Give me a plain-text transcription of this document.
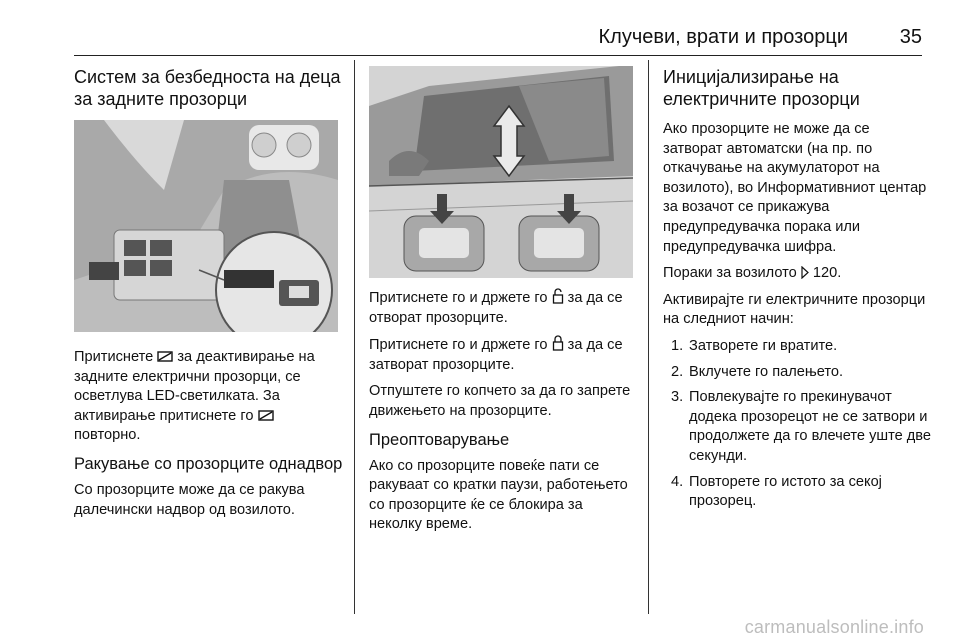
Клучеви, врати и прозорци	35
Систем за безбедноста на деца за задните прозорци

Притиснете за деактивирање на задните електрични прозорци, се осветлува LED-светилката. За активирање притиснете го  повторно.

Ракување со прозорците однадвор

Со прозорците може да се ракува далечински надвор од возилото.

Притиснете го и држете го за да се отворат прозорците.

Притиснете го и држете го за да се затворат прозорците.

Отпуштете го копчето за да го запрете движењето на прозорците.

Преоптоварување

Ако со прозорците повеќе пати се ракуваат со кратки паузи, работењето со прозорците ќе се блокира за неколку време.

Иницијализирање на електричните прозорци

Ако прозорците не може да се затворат автоматски (на пр. по откачување на акумулаторот на возилото), во Информативниот центар за возачот се прикажува предупредувачка порака или предупредувачка шифра.

Пораки за возилото 120.

Активирајте ги електричните прозорци на следниот начин:

1. Затворете ги вратите.
2. Вклучете го палењето.
3. Повлекувајте го прекинувачот додека прозорецот не се затвори и продолжете да го влечете уште две секунди.
4. Повторете го истото за секој прозорец.
carmanualsonline.info
